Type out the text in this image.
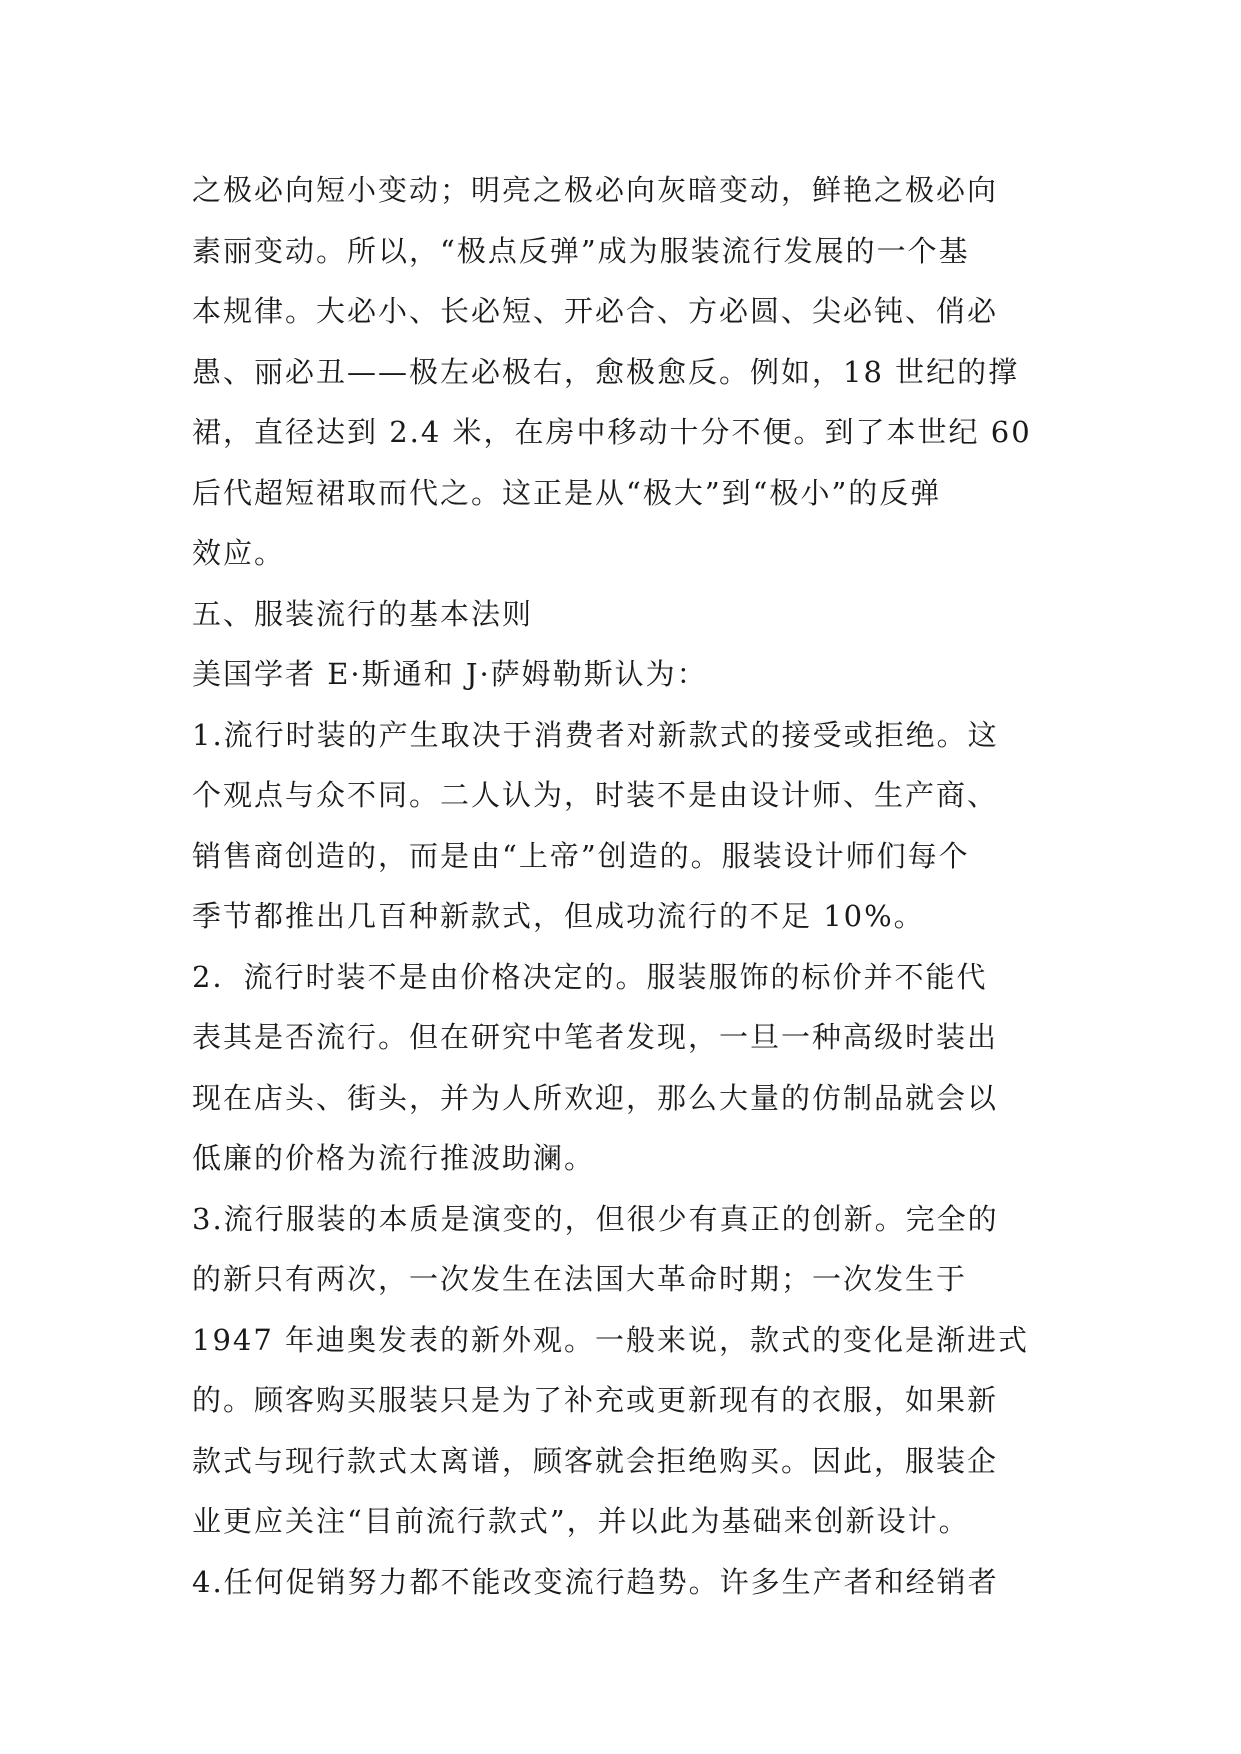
之极必向短小变动；明亮之极必向灰暗变动，鲜艳之极必向
素丽变动。所以，“极点反弹”成为服装流行发展的一个基
本规律。大必小、长必短、开必合、方必圆、尖必钝、俏必
愚、丽必丑——极左必极右，愈极愈反。例如，18 世纪的撑
裙，直径达到 2.4 米，在房中移动十分不便。到了本世纪 60
后代超短裙取而代之。这正是从“极大”到“极小”的反弹
效应。
五、服装流行的基本法则
美国学者 E·斯通和 J·萨姆勒斯认为：
1.流行时装的产生取决于消费者对新款式的接受或拒绝。这
个观点与众不同。二人认为，时装不是由设计师、生产商、
销售商创造的，而是由“上帝”创造的。服装设计师们每个
季节都推出几百种新款式，但成功流行的不足 10%。
2．流行时装不是由价格决定的。服装服饰的标价并不能代
表其是否流行。但在研究中笔者发现，一旦一种高级时装出
现在店头、街头，并为人所欢迎，那么大量的仿制品就会以
低廉的价格为流行推波助澜。
3.流行服装的本质是演变的，但很少有真正的创新。完全的
的新只有两次，一次发生在法国大革命时期；一次发生于
1947 年迪奥发表的新外观。一般来说，款式的变化是渐进式
的。顾客购买服装只是为了补充或更新现有的衣服，如果新
款式与现行款式太离谱，顾客就会拒绝购买。因此，服装企
业更应关注“目前流行款式”，并以此为基础来创新设计。
4.任何促销努力都不能改变流行趋势。许多生产者和经销者
